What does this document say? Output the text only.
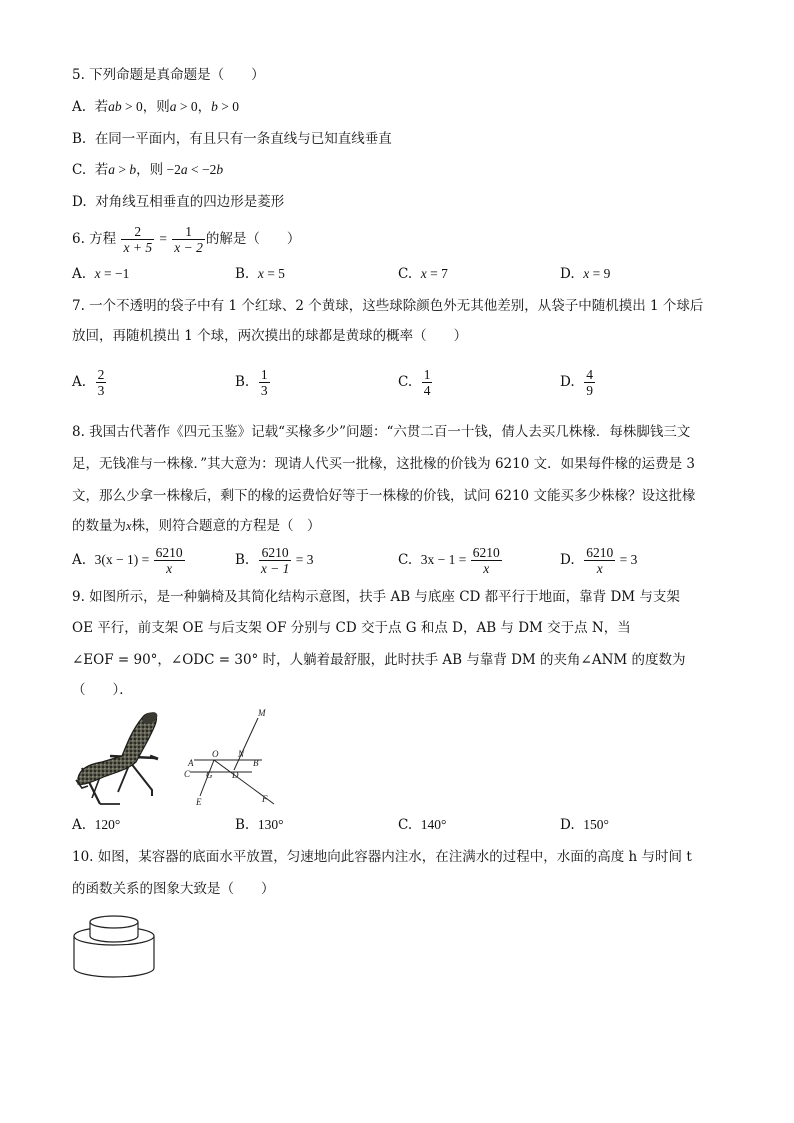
5. 下列命题是真命题是（　　）
A. 若ab > 0，则a > 0，b > 0
B. 在同一平面内，有且只有一条直线与已知直线垂直
C. 若a > b，则 −2a < −2b
D. 对角线互相垂直的四边形是菱形
6. 方程 $\frac{2}{x + 5} = \frac{1}{x - 2}$ 的解是（　　）
A. x = −1	B. x = 5	C. x = 7	D. x = 9
7. 一个不透明的袋子中有 1 个红球、2 个黄球，这些球除颜色外无其他差别，从袋子中随机摸出 1 个球后
放回，再随机摸出 1 个球，两次摸出的球都是黄球的概率（　　）
A. $\frac{2}{3}$	B. $\frac{1}{3}$	C. $\frac{1}{4}$	D. $\frac{4}{9}$
8. 我国古代著作《四元玉鉴》记载“买椽多少”问题：“六贯二百一十钱，倩人去买几株椽．每株脚钱三文
足，无钱准与一株椽．”其大意为：现请人代买一批椽，这批椽的价钱为 6210 文．如果每件椽的运费是 3
文，那么少拿一株椽后，剩下的椽的运费恰好等于一株椽的价钱，试问 6210 文能买多少株椽？设这批椽
的数量为x株，则符合题意的方程是（　）
A. $3(x - 1) = \frac{6210}{x}$	B. $\frac{6210}{x - 1} = 3$	C. $3x - 1 = \frac{6210}{x}$	D. $\frac{6210}{x} = 3$
9. 如图所示，是一种躺椅及其简化结构示意图，扶手 AB 与底座 CD 都平行于地面，靠背 DM 与支架
OE 平行，前支架 OE 与后支架 OF 分别与 CD 交于点 G 和点 D，AB 与 DM 交于点 N，当
∠EOF = 90°，∠ODC = 30° 时，人躺着最舒服，此时扶手 AB 与靠背 DM 的夹角∠ANM 的度数为
（　　）．
M
O N
A	B
C G D
E	F
A. 120°	B. 130°	C. 140°	D. 150°
10. 如图，某容器的底面水平放置，匀速地向此容器内注水，在注满水的过程中，水面的高度 h 与时间 t
的函数关系的图象大致是（　　）
